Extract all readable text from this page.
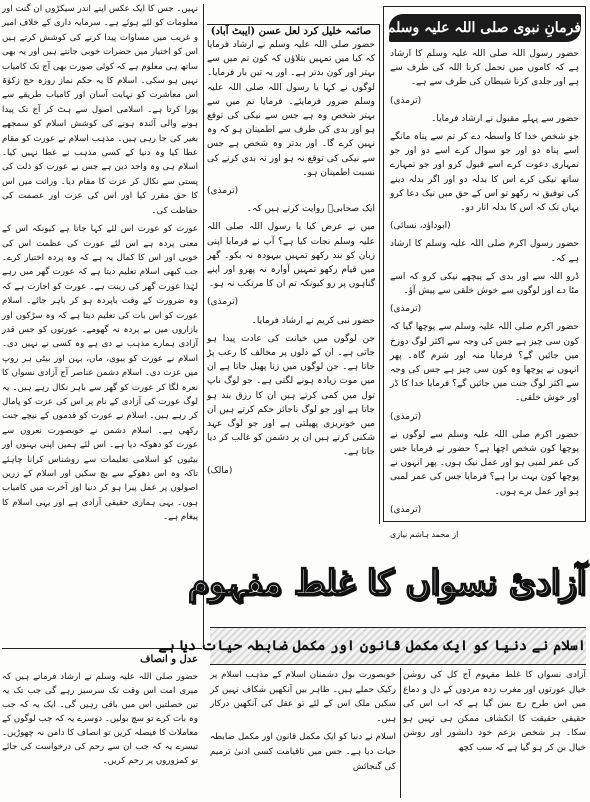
نہیں۔ جس کا ایک عکس اپنے اندر سیکڑوں ان گنت اور معلومات کو لئے ہوئے ہے۔ سرمایہ داری کے خلاف امیر و غریب میں مساوات پیدا کرنے کی کوشش کرتے ہیں اس کو اختیار میں حضرات خوبی جانتے ہیں اور یہ بھی ساتھ ہی معلوم ہے کہ کوئی صورت بھی آج تک کامیاب نہیں ہو سکی۔ اسلام کا یہ حکم نماز روزہ حج زکوٰۃ اس معاشرت کو نہایت آسان اور کامیاب طریقے سے پورا کرتا ہے۔ اسلامی اصول سے ہٹ کر آج تک پیدا ہونے والی آئندہ ہونے کی کوشش اسلام کو سمجھے بغیر کی جا رہی ہیں۔ مذہب اسلام نے عورت کو مقام عطا کیا وہ دنیا کے کسی مذہب نے عطا نہیں کیا۔ اسلام ہی وہ واحد دین ہے جس نے عورت کو ذلت کی پستی سے نکال کر عزت کا مقام دیا۔ وراثت میں اس کا حق مقرر کیا اور اس کی عزت اور عصمت کی حفاظت کی۔

عورت کو عورت اس لئے کہا جاتا ہے کیونکہ اس کے معنی پردہ ہے اس لئے عورت کی عظمت اس کی خوبی اور اس کا کمال یہ ہے کہ وہ پردہ اختیار کرے۔ جب کبھی اسلام تعلیم دیتا ہے کہ عورت گھر میں رہے لہٰذا عورت گھر کی زینت ہے۔ عورت کو اجازت ہے کہ وہ ضرورت کے وقت باپردہ ہو کر باہر جائے۔ اسلام عورت کو اس بات کی تعلیم دیتا ہے کہ وہ سڑکوں اور بازاروں میں بے پردہ نہ گھومے۔ عورتوں کو جس قدر آزادی ہمارے مذہب نے دی ہے وہ کسی نے نہیں دی۔ اسلام نے عورت کو بیوی، ماں، بہن اور بیٹی ہر روپ میں عزت دی۔ اسلام دشمن عناصر آج آزادی نسواں کا نعرہ لگا کر عورت کو گھر سے باہر نکال رہے ہیں۔ یہ لوگ عورت کی آزادی کے نام پر اس کی عزت کو پامال کر رہے ہیں۔ اسلام نے عورت کو قدموں کے نیچے جنت رکھی ہے۔ اسلام دشمن نے خوبصورت نعروں سے عورت کو دھوکہ دیا ہے۔ اس لئے ہمیں اپنی بہنوں اور بیٹیوں کو اسلامی تعلیمات سے روشناس کرانا چاہئے تاکہ وہ اس دھوکے سے بچ سکیں اور اسلام کے زریں اصولوں پر عمل پیرا ہو کر دنیا اور آخرت میں کامیاب ہوں۔ یہی ہماری حقیقی آزادی ہے اور یہی اسلام کا پیغام ہے۔

صائمہ خلیل کرد لعل عسن (ایبٹ آباد)

حضور صلی اللہ علیہ وسلم نے ارشاد فرمایا کہ کیا میں تمہیں بتلاؤں کہ کون تم میں سے بہتر اور کون بدتر ہے۔ اور یہ تین بار فرمایا۔ لوگوں نے کہا یا رسول اللہ صلی اللہ علیہ وسلم ضرور فرمایئے۔ فرمایا تم میں سے بہتر شخص وہ ہے جس سے نیکی کی توقع ہو اور بدی کی طرف سے اطمینان ہو کہ وہ نہیں کرے گا۔ اور بدتر وہ شخص ہے جس سے نیکی کی توقع نہ ہو اور نہ بدی کرنے کی نسبت اطمینان ہو۔

(ترمذی)

ایک صحابیؓ روایت کرتے ہیں کہ۔

میں نے عرض کیا یا رسول اللہ صلی اللہ علیہ وسلم نجات کیا ہے؟ آپ نے فرمایا اپنی زبان کو بند رکھو تمہیں بیہودہ نہ بکو۔ گھر میں قیام رکھو تمہیں آوارہ نہ پھرو اور اپنے گناہوں پر رو کیونکہ تم ان کا مرتکب نہ ہو۔

(ترمذی)

حضور نبی کریم نے ارشاد فرمایا۔

جن لوگوں میں خیانت کی عادت پیدا ہو جاتی ہے۔ ان کے دلوں پر مخالف کا رعب پڑ جاتا ہے۔ جن لوگوں میں زنا پھیل جاتا ہے ان میں موت زیادہ ہونے لگتی ہے۔ جو لوگ ناپ تول میں کمی کرتے ہیں ان کا رزق بند ہو جاتا ہے اور جو لوگ ناجائز حکم کرتے ہیں ان میں خونریزی پھیلتی ہے اور جو لوگ عہد شکنی کرتے ہیں ان پر دشمن کو غالب کر دیا جاتا ہے۔

(مالک)

حضور رسول اللہ صلی اللہ علیہ وسلم کا ارشاد ہے کہ کاموں میں تحمل کرنا اللہ کی طرف سے ہے اور جلدی کرنا شیطان کی طرف سے ہے۔

(ترمذی)

حضور سے پہلے مقبول نے ارشاد فرمایا۔

جو شخص خدا کا واسطہ دے کر تم سے پناہ مانگے اسے پناہ دو اور جو سوال کرے اسے دو اور جو تمہاری دعوت کرے اسے قبول کرو اور جو تمہارے ساتھ نیکی کرے اس کا بدلہ دو اور اگر بدلہ دینے کی توفیق نہ رکھو تو اس کے حق میں نیک دعا کرو یہاں تک کہ اس کا بدلہ اتار دو۔

(ابوداؤد، نسائی)

حضور رسول اکرم صلی اللہ علیہ وسلم کا ارشاد ہے کہ۔

ڈرو اللہ سے اور بدی کے پیچھے نیکی کرو کہ اسے مٹا دے اور لوگوں سے خوش خلقی سے پیش آؤ۔

(ترمذی)

حضور اکرم صلی اللہ علیہ وسلم سے پوچھا گیا کہ کون سی چیز ہے جس کی وجہ سے اکثر لوگ دوزخ میں جائیں گے؟ فرمایا منہ اور شرم گاہ۔ پھر انہوں نے پوچھا وہ کون سی چیز ہے جس کی وجہ سے اکثر لوگ جنت میں جائیں گے؟ فرمایا خدا کا ڈر اور خوش خلقی۔

(ترمذی)

حضور اکرم صلی اللہ علیہ وسلم سے لوگوں نے پوچھا کون شخص اچھا ہے؟ حضور نے فرمایا جس کی عمر لمبی ہو اور عمل نیک ہوں۔ پھر انہوں نے پوچھا کون بہت برا ہے؟ فرمایا جس کی عمر لمبی ہو اور عمل برے ہوں۔

(ترمذی)

فرمانِ نبوی صلی اللہ علیہ وسلم
از محمد ہاشم نیازی
آزادیٔ نسواں کا غلط مفہوم
اسلام نے دنیا کو ایک مکمل قانون اور مکمل ضابطہ حیات دیا ہے

آزادی نسواں کا غلط مفہوم آج کل کی روشن خیال عورتوں اور مغرب زدہ مردوں کے دل و دماغ میں اس طرح رچ بس گیا ہے کہ اب اس کی حقیقی حقیقت کا انکشاف ممکن ہی نہیں ہو سکا۔ ہر شخص بزعم خود دانشور اور روشن خیال بن کر ہو گیا ہے کہ سب کچھ

خوبصورت بول دشمنان اسلام کے مذہب اسلام پر رکیک حملے ہیں۔ ظاہر بیں آنکھیں شکاف نہیں کر سکیں ملک اس کے لئے تو عقل کی آنکھیں درکار ہیں۔

اسلام نے دنیا کو ایک مکمل قانون اور مکمل ضابطہ حیات دیا ہے۔ جس میں تاقیامت کسی ادنیٰ ترمیم کی گنجائش

عدل و انصاف

حضور صلی اللہ علیہ وسلم نے ارشاد فرماتے ہیں کہ میری امت اس وقت تک سرسبز رہے گی جب تک یہ تین خصلتیں اس میں باقی رہیں گی۔ ایک یہ کہ جب وہ بات کرے تو سچ بولیں۔ دوسرے یہ کہ جب لوگوں کے معاملات کا فیصلہ کریں تو انصاف کا دامن نہ چھوڑیں۔ تیسرے یہ کہ جب ان سے رحم کی درخواست کی جائے تو کمزوروں پر رحم کریں۔
